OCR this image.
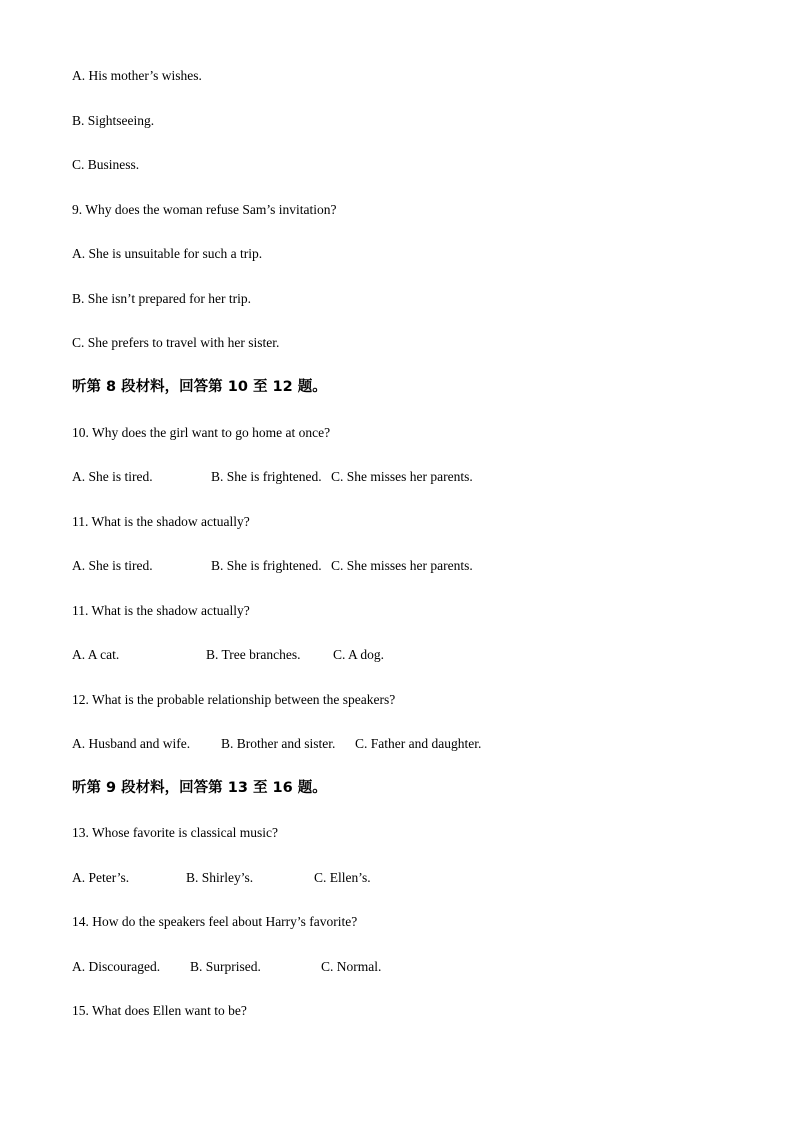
A. His mother’s wishes.
B. Sightseeing.
C. Business.
9. Why does the woman refuse Sam’s invitation?
A. She is unsuitable for such a trip.
B. She isn’t prepared for her trip.
C. She prefers to travel with her sister.
听第 8 段材料，回答第 10 至 12 题。
10. Why does the girl want to go home at once?
A. She is tired.	B. She is frightened. C. She misses her parents.
11. What is the shadow actually?
A. She is tired.	B. She is frightened. C. She misses her parents.
11. What is the shadow actually?
A. A cat.	B. Tree branches. C. A dog.
12. What is the probable relationship between the speakers?
A. Husband and wife. B. Brother and sister. C. Father and daughter.
听第 9 段材料，回答第 13 至 16 题。
13. Whose favorite is classical music?
A. Peter’s.	B. Shirley’s.	C. Ellen’s.
14. How do the speakers feel about Harry’s favorite?
A. Discouraged. B. Surprised.	C. Normal.
15. What does Ellen want to be?
